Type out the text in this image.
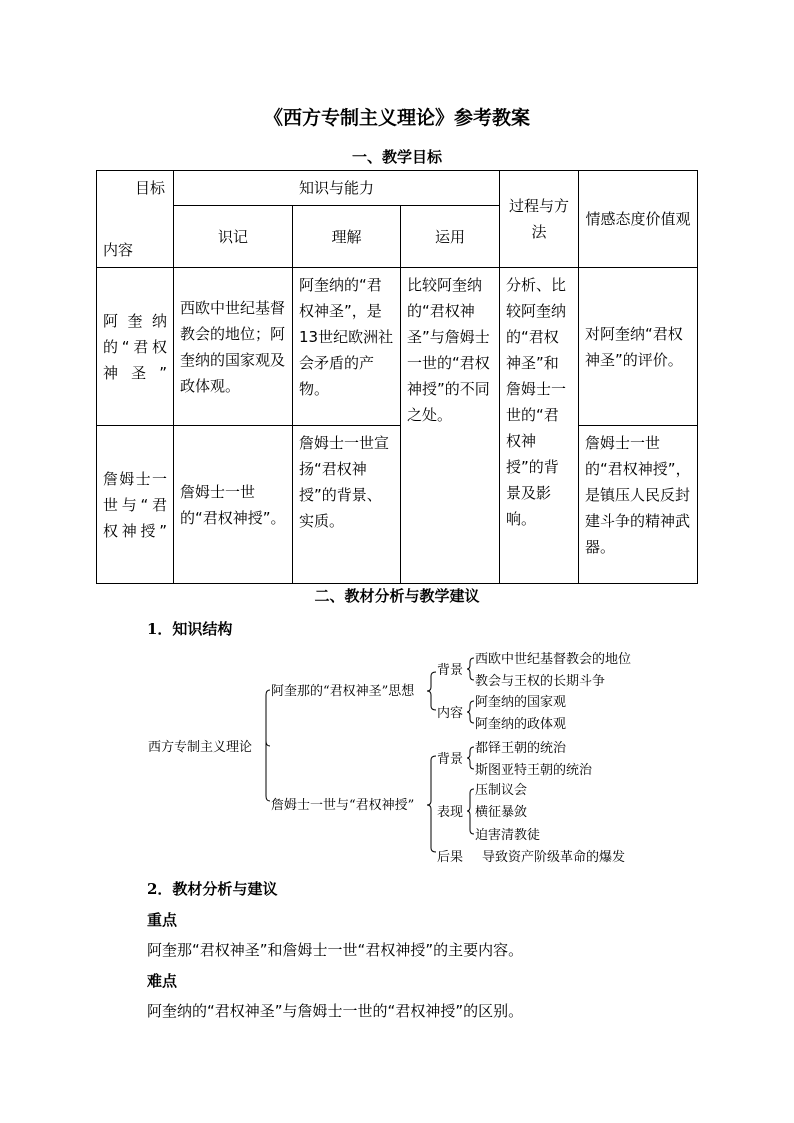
《西方专制主义理论》参考教案
一、教学目标
目标
内容	知识与能力			过程与方法	情感态度价值观
	识记	理解	运用		
阿奎纳的“君权神圣”	西欧中世纪基督教会的地位；阿奎纳的国家观及政体观。	阿奎纳的“君权神圣”，是13世纪欧洲社会矛盾的产物。	比较阿奎纳的“君权神圣”与詹姆士一世的“君权神授”的不同之处。	分析、比较阿奎纳的“君权神圣”和詹姆士一世的“君权神授”的背景及影响。	对阿奎纳“君权神圣”的评价。
詹姆士一世与“君权神授”	詹姆士一世的“君权神授”。	詹姆士一世宣扬“君权神授”的背景、实质。			詹姆士一世的“君权神授”，是镇压人民反封建斗争的精神武器。
二、教材分析与教学建议
1．知识结构
西方专制主义理论
阿奎那的“君权神圣”思想
背景
西欧中世纪基督教会的地位
教会与王权的长期斗争
内容
阿奎纳的国家观
阿奎纳的政体观
詹姆士一世与“君权神授”
背景
都铎王朝的统治
斯图亚特王朝的统治
表现
压制议会
横征暴敛
迫害清教徒
后果 导致资产阶级革命的爆发
2．教材分析与建议
重点
阿奎那“君权神圣”和詹姆士一世“君权神授”的主要内容。
难点
阿奎纳的“君权神圣”与詹姆士一世的“君权神授”的区别。
